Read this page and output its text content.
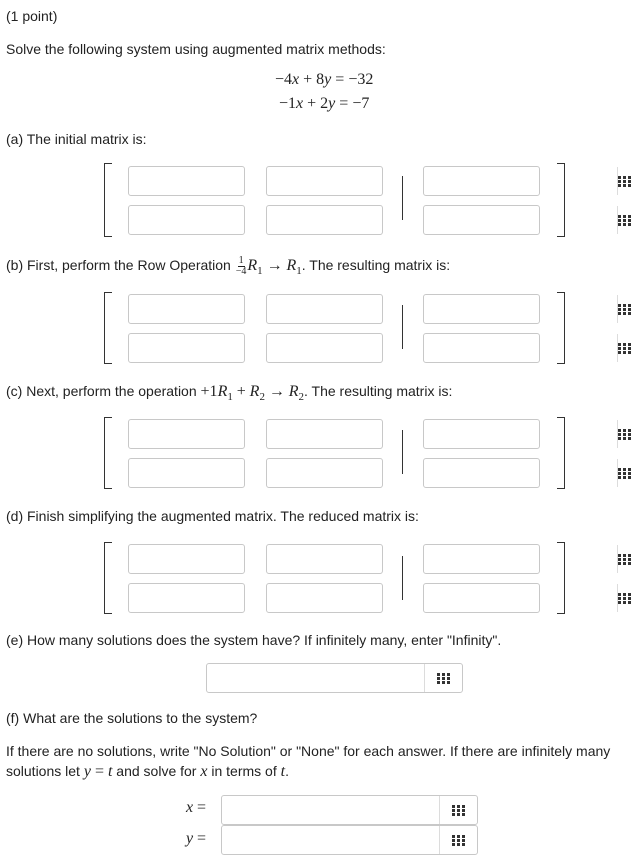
(1 point)
Solve the following system using augmented matrix methods:
−4x + 8y = −32
−1x + 2y = −7
(a) The initial matrix is:
(b) First, perform the Row Operation $\frac{1}{-4} R_1 \to R_1$. The resulting matrix is:
(c) Next, perform the operation $+1R_1 + R_2 \to R_2$. The resulting matrix is:
(d) Finish simplifying the augmented matrix. The reduced matrix is:
(e) How many solutions does the system have? If infinitely many, enter "Infinity".
(f) What are the solutions to the system?
If there are no solutions, write "No Solution" or "None" for each answer. If there are infinitely many
solutions let y = t and solve for x in terms of t.
x =
y =
